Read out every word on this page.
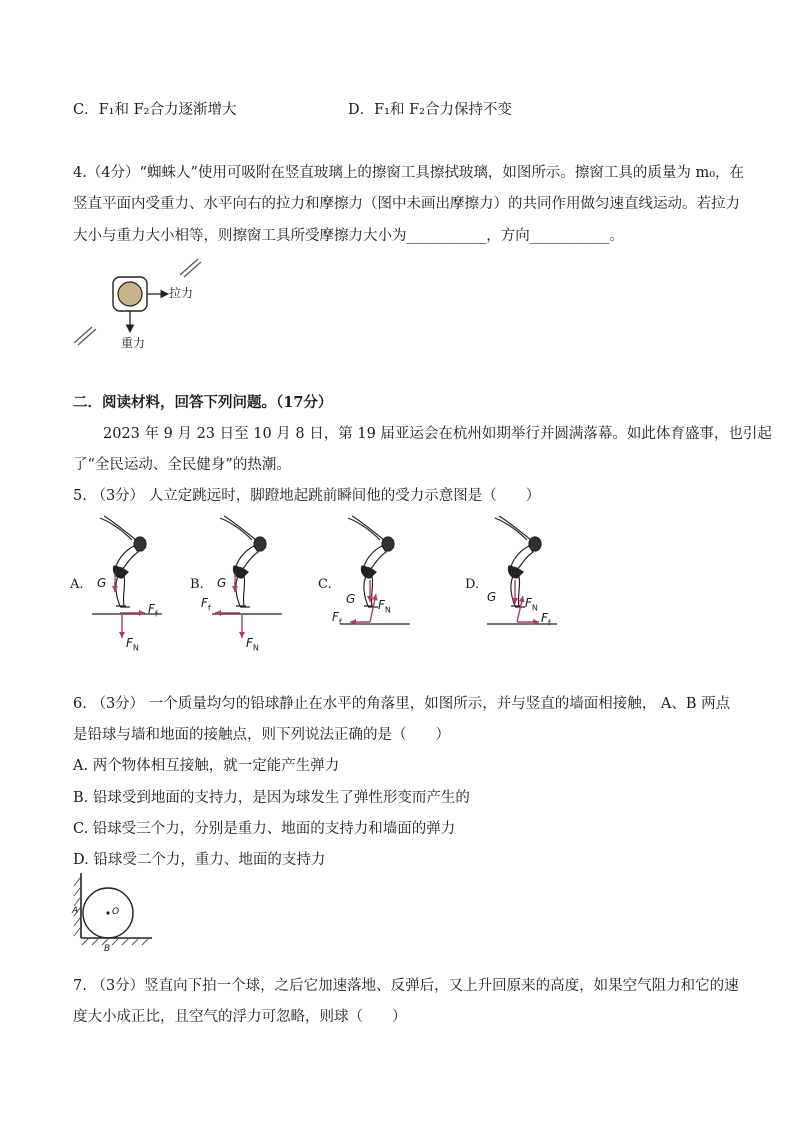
C．F₁和 F₂合力逐渐增大	D．F₁和 F₂合力保持不变
4.（4分）“蜘蛛人”使用可吸附在竖直玻璃上的擦窗工具擦拭玻璃，如图所示。擦窗工具的质量为 m₀，在
竖直平面内受重力、水平向右的拉力和摩擦力（图中未画出摩擦力）的共同作用做匀速直线运动。若拉力
大小与重力大小相等，则擦窗工具所受摩擦力大小为___________，方向___________。
拉力
重力
二．阅读材料，回答下列问题。（17分）
2023 年 9 月 23 日至 10 月 8 日，第 19 届亚运会在杭州如期举行并圆满落幕。如此体育盛事，也引起
了“全民运动、全民健身”的热潮。
5. （3分） 人立定跳远时，脚蹬地起跳前瞬间他的受力示意图是（　　）
G
$F_f$
$F_N$
A.	G
$F_f$
$F_N$
B.
G
$F_f$
$F_N$
C.
G
$F_f$
$F_N$
D.
6. （3分） 一个质量均匀的铅球静止在水平的角落里，如图所示，并与竖直的墙面相接触， A、B 两点
是铅球与墙和地面的接触点，则下列说法正确的是（　　）
A. 两个物体相互接触，就一定能产生弹力
B. 铅球受到地面的支持力，是因为球发生了弹性形变而产生的
C. 铅球受三个力，分别是重力、地面的支持力和墙面的弹力
D. 铅球受二个力，重力、地面的支持力
A	O
B
7. （3分）竖直向下拍一个球，之后它加速落地、反弹后，又上升回原来的高度，如果空气阻力和它的速
度大小成正比，且空气的浮力可忽略，则球（　　）
